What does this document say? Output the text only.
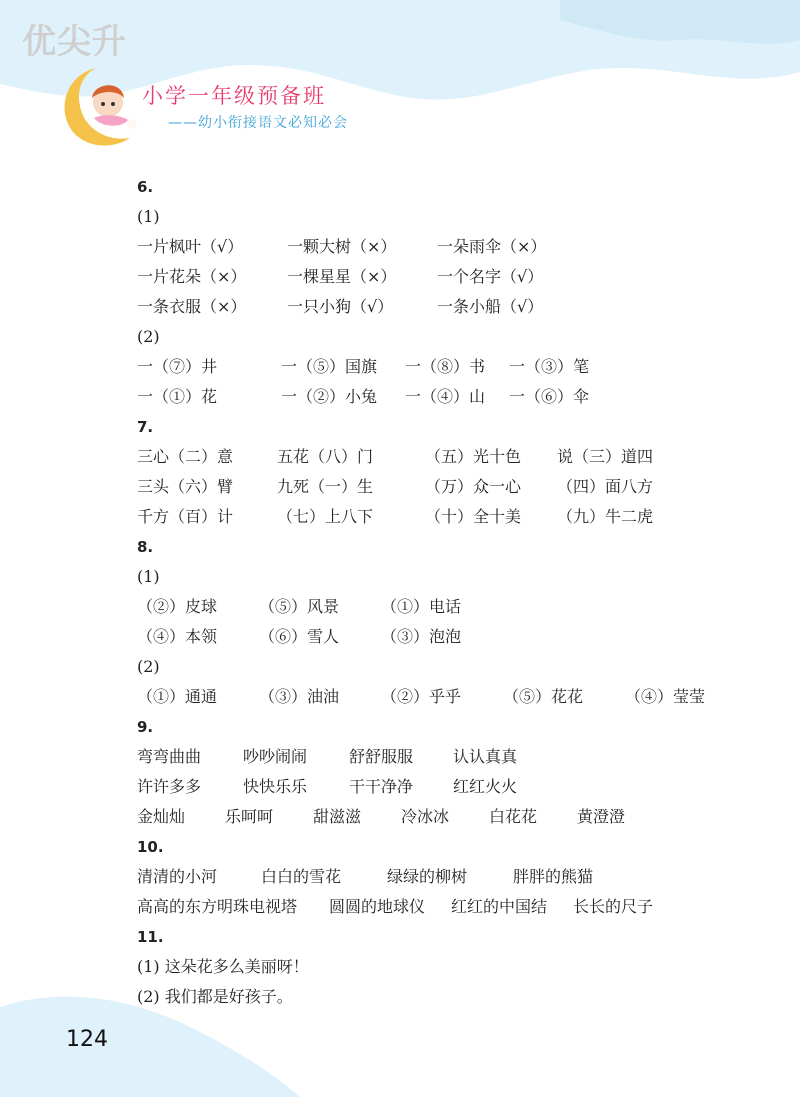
优尖升
小学一年级预备班
——幼小衔接语文必知必会
6.
(1)
一片枫叶（√）	一颗大树（×）	一朵雨伞（×）
一片花朵（×）	一棵星星（×）	一个名字（√）
一条衣服（×）	一只小狗（√）	一条小船（√）
(2)
一（⑦）井	一（⑤）国旗 一（⑧）书 一（③）笔
一（①）花	一（②）小兔 一（④）山 一（⑥）伞
7.
三心（二）意	五花（八）门	（五）光十色 说（三）道四
三头（六）臂	九死（一）生	（万）众一心 （四）面八方
千方（百）计	（七）上八下	（十）全十美 （九）牛二虎
8.
(1)
（②）皮球	（⑤）风景	（①）电话
（④）本领	（⑥）雪人	（③）泡泡
(2)
（①）通通	（③）油油	（②）乎乎	（⑤）花花	（④）莹莹
9.
弯弯曲曲	吵吵闹闹	舒舒服服 认认真真
许许多多	快快乐乐	干干净净 红红火火
金灿灿 乐呵呵 甜滋滋 冷冰冰 白花花 黄澄澄
10.
清清的小河	白白的雪花	绿绿的柳树	胖胖的熊猫
高高的东方明珠电视塔 圆圆的地球仪 红红的中国结 长长的尺子
11.
(1) 这朵花多么美丽呀！
(2) 我们都是好孩子。
124
